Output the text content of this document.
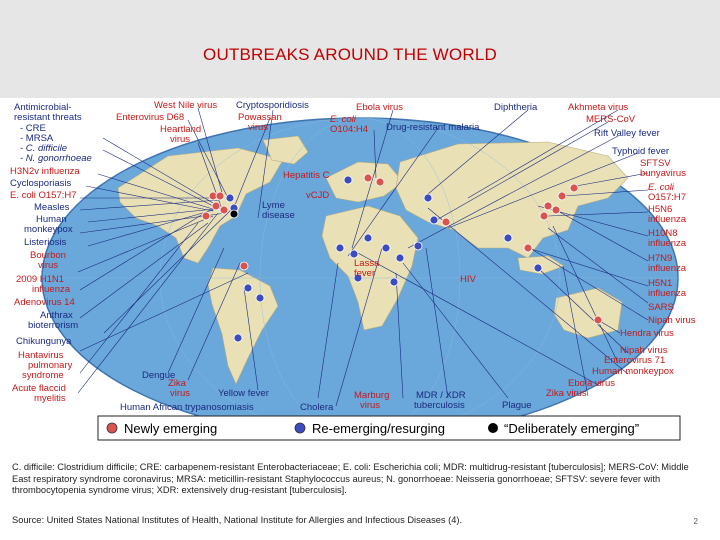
OUTBREAKS AROUND THE WORLD
Antimicrobial-
resistant threats
- CRE
- MRSA
- C. difficile
- N. gonorrhoeae
H3N2v influenza
Cyclosporiasis
E. coli O157:H7
Measles
Human
monkeypox
Listeriosis
Bourbon
virus
2009 H1N1
influenza
Adenovirus 14
Anthrax
bioterrorism
Chikungunya
Hantavirus
pulmonary
syndrome
Acute flaccid
myelitis
West Nile virus
Enterovirus D68
Heartland
virus
Cryptosporidiosis
Powassan
virus
Ebola virus
E. coli
O104:H4 Drug-resistant malaria
Diphtheria	Akhmeta virus
MERS-CoV
Rift Valley fever
Typhoid fever
SFTSV
bunyavirus
E. coli
O157:H7
H5N6
influenza
H10N8
influenza
H7N9
influenza
H5N1
influenza
SARS
Nipah virus
Hendra virus
Nipah virus
Enterovirus 71
Human monkeypox
Ebola virus
Zika virus
Hepatitis C
vCJD
Lyme
disease
Lassa
fever
HIV
Dengue
Zika
virus	Yellow fever
Human African trypanosomiasis	Cholera
Marburg
virus
MDR / XDR
tuberculosis	Plague
Newly emerging	Re-emerging/resurging	“Deliberately emerging”
C. difficile: Clostridium difficile; CRE: carbapenem-resistant Enterobacteriaceae; E. coli: Escherichia coli; MDR: multidrug-resistant [tuberculosis]; MERS-CoV: Middle East respiratory syndrome coronavirus; MRSA: meticillin-resistant Staphylococcus aureus; N. gonorrhoeae: Neisseria gonorrhoeae; SFTSV: severe fever with thrombocytopenia syndrome virus; XDR: extensively drug-resistant [tuberculosis].
Source: United States National Institutes of Health, National Institute for Allergies and Infectious Diseases (4).	2
